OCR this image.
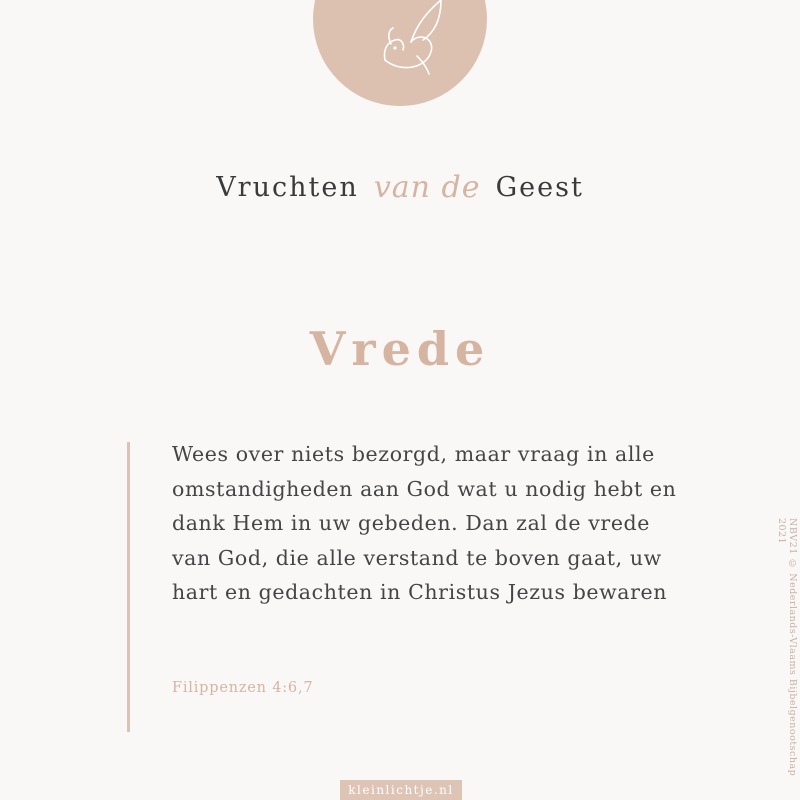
Vruchten van de Geest
Vrede

Wees over niets bezorgd, maar vraag in alle omstandigheden aan God wat u nodig hebt en dank Hem in uw gebeden. Dan zal de vrede van God, die alle verstand te boven gaat, uw hart en gedachten in Christus Jezus bewaren

Filippenzen 4:6,7	NBV21 © Nederlands-Vlaams Bijbelgenootschap 2021
kleinlichtje.nl
